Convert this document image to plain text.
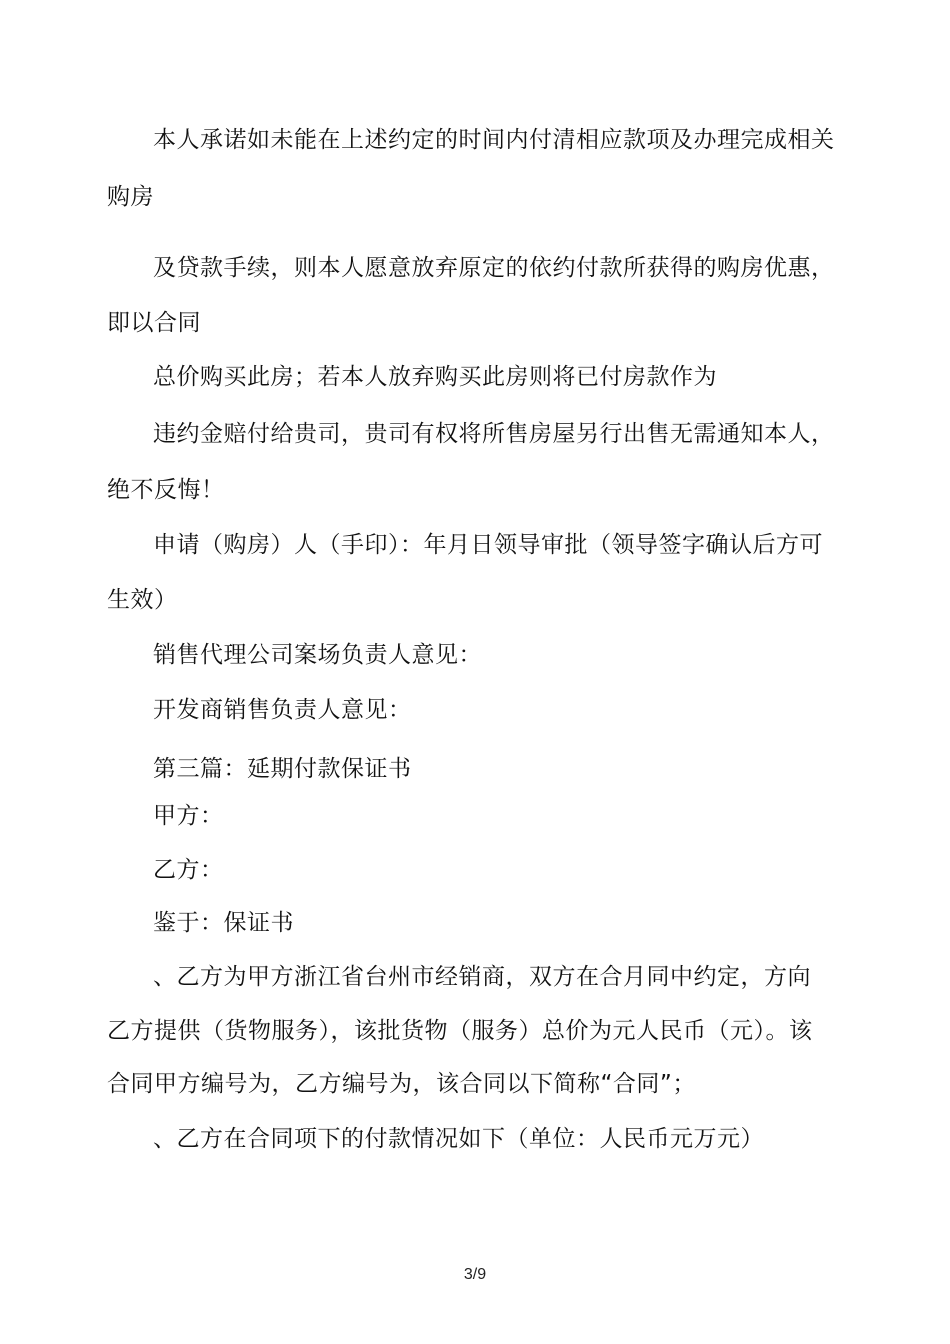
本人承诺如未能在上述约定的时间内付清相应款项及办理完成相关
购房
及贷款手续，则本人愿意放弃原定的依约付款所获得的购房优惠，
即以合同
总价购买此房；若本人放弃购买此房则将已付房款作为
违约金赔付给贵司，贵司有权将所售房屋另行出售无需通知本人，
绝不反悔！
申请（购房）人（手印）：年月日领导审批（领导签字确认后方可
生效）
销售代理公司案场负责人意见：
开发商销售负责人意见：
第三篇：延期付款保证书
甲方：
乙方：
鉴于：保证书
、乙方为甲方浙江省台州市经销商，双方在合月同中约定，方向
乙方提供（货物服务），该批货物（服务）总价为元人民币（元）。该
合同甲方编号为，乙方编号为，该合同以下简称“合同”；
、乙方在合同项下的付款情况如下（单位：人民币元万元）
3/9
